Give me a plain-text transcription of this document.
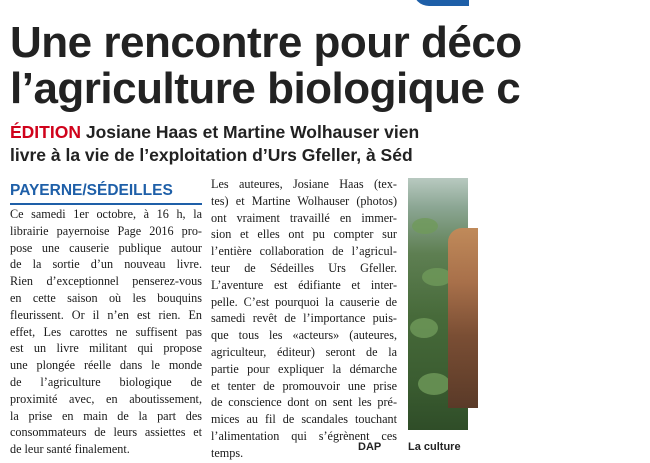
Une rencontre pour déco
l’agriculture biologique c

ÉDITION Josiane Haas et Martine Wolhauser vien
livre à la vie de l’exploitation d’Urs Gfeller, à Séd

PAYERNE/SÉDEILLES
Ce samedi 1er octobre, à 16 h, la
librairie payernoise Page 2016 pro-
pose une causerie publique autour
de la sortie d’un nouveau livre.
Rien d’exceptionnel penserez-vous
en cette saison où les bouquins
fleurissent. Or il n’en est rien. En
effet, Les carottes ne suffisent pas
est un livre militant qui propose
une plongée réelle dans le monde
de l’agriculture biologique de
proximité avec, en aboutissement,
la prise en main de la part des
consommateurs de leurs assiettes et
de leur santé finalement.
Les auteures, Josiane Haas (tex-
tes) et Martine Wolhauser (photos)
ont vraiment travaillé en immer-
sion et elles ont pu compter sur
l’entière collaboration de l’agricul-
teur de Sédeilles Urs Gfeller.
L’aventure est édifiante et inter-
pelle. C’est pourquoi la causerie de
samedi revêt de l’importance puis-
que tous les «acteurs» (auteures,
agriculteur, éditeur) seront de la
partie pour expliquer la démarche
et tenter de promouvoir une prise
de conscience dont on sent les pré-
mices au fil de scandales touchant
l’alimentation qui s’égrènent ces
temps.	DAP La culture
